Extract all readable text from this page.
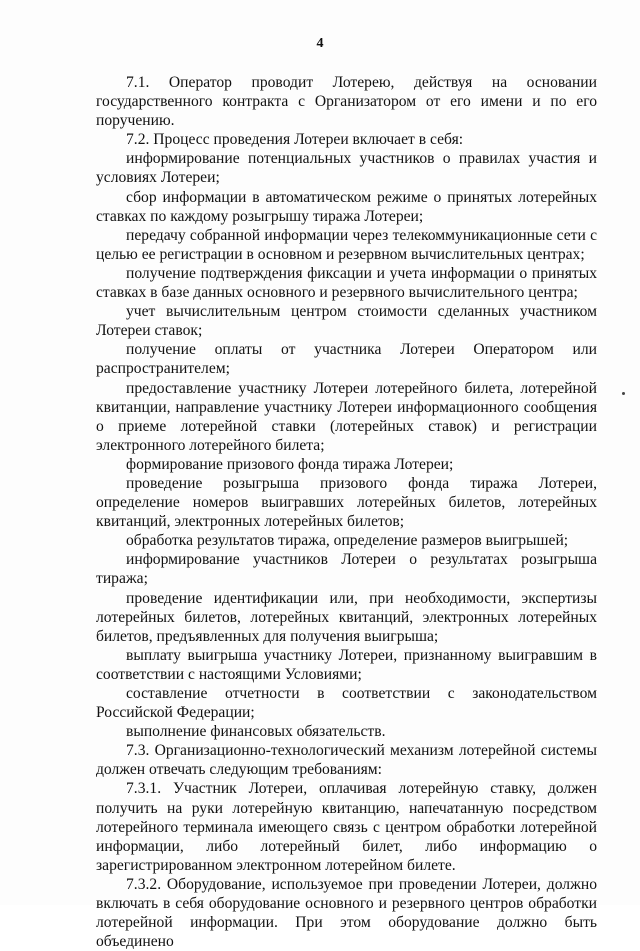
4

7.1. Оператор проводит Лотерею, действуя на основании государственного контракта с Организатором от его имени и по его поручению.

7.2. Процесс проведения Лотереи включает в себя:

информирование потенциальных участников о правилах участия и условиях Лотереи;

сбор информации в автоматическом режиме о принятых лотерейных ставках по каждому розыгрышу тиража Лотереи;

передачу собранной информации через телекоммуникационные сети с целью ее регистрации в основном и резервном вычислительных центрах;

получение подтверждения фиксации и учета информации о принятых ставках в базе данных основного и резервного вычислительного центра;

учет вычислительным центром стоимости сделанных участником Лотереи ставок;

получение оплаты от участника Лотереи Оператором или распространителем;

предоставление участнику Лотереи лотерейного билета, лотерейной квитанции, направление участнику Лотереи информационного сообщения о приеме лотерейной ставки (лотерейных ставок) и регистрации электронного лотерейного билета;

формирование призового фонда тиража Лотереи;

проведение розыгрыша призового фонда тиража Лотереи, определение номеров выигравших лотерейных билетов, лотерейных квитанций, электронных лотерейных билетов;

обработка результатов тиража, определение размеров выигрышей;

информирование участников Лотереи о результатах розыгрыша тиража;

проведение идентификации или, при необходимости, экспертизы лотерейных билетов, лотерейных квитанций, электронных лотерейных билетов, предъявленных для получения выигрыша;

выплату выигрыша участнику Лотереи, признанному выигравшим в соответствии с настоящими Условиями;

составление отчетности в соответствии с законодательством Российской Федерации;

выполнение финансовых обязательств.

7.3. Организационно-технологический механизм лотерейной системы должен отвечать следующим требованиям:

7.3.1. Участник Лотереи, оплачивая лотерейную ставку, должен получить на руки лотерейную квитанцию, напечатанную посредством лотерейного терминала имеющего связь с центром обработки лотерейной информации, либо лотерейный билет, либо информацию о зарегистрированном электронном лотерейном билете.

7.3.2. Оборудование, используемое при проведении Лотереи, должно включать в себя оборудование основного и резервного центров обработки лотерейной информации. При этом оборудование должно быть объединено
